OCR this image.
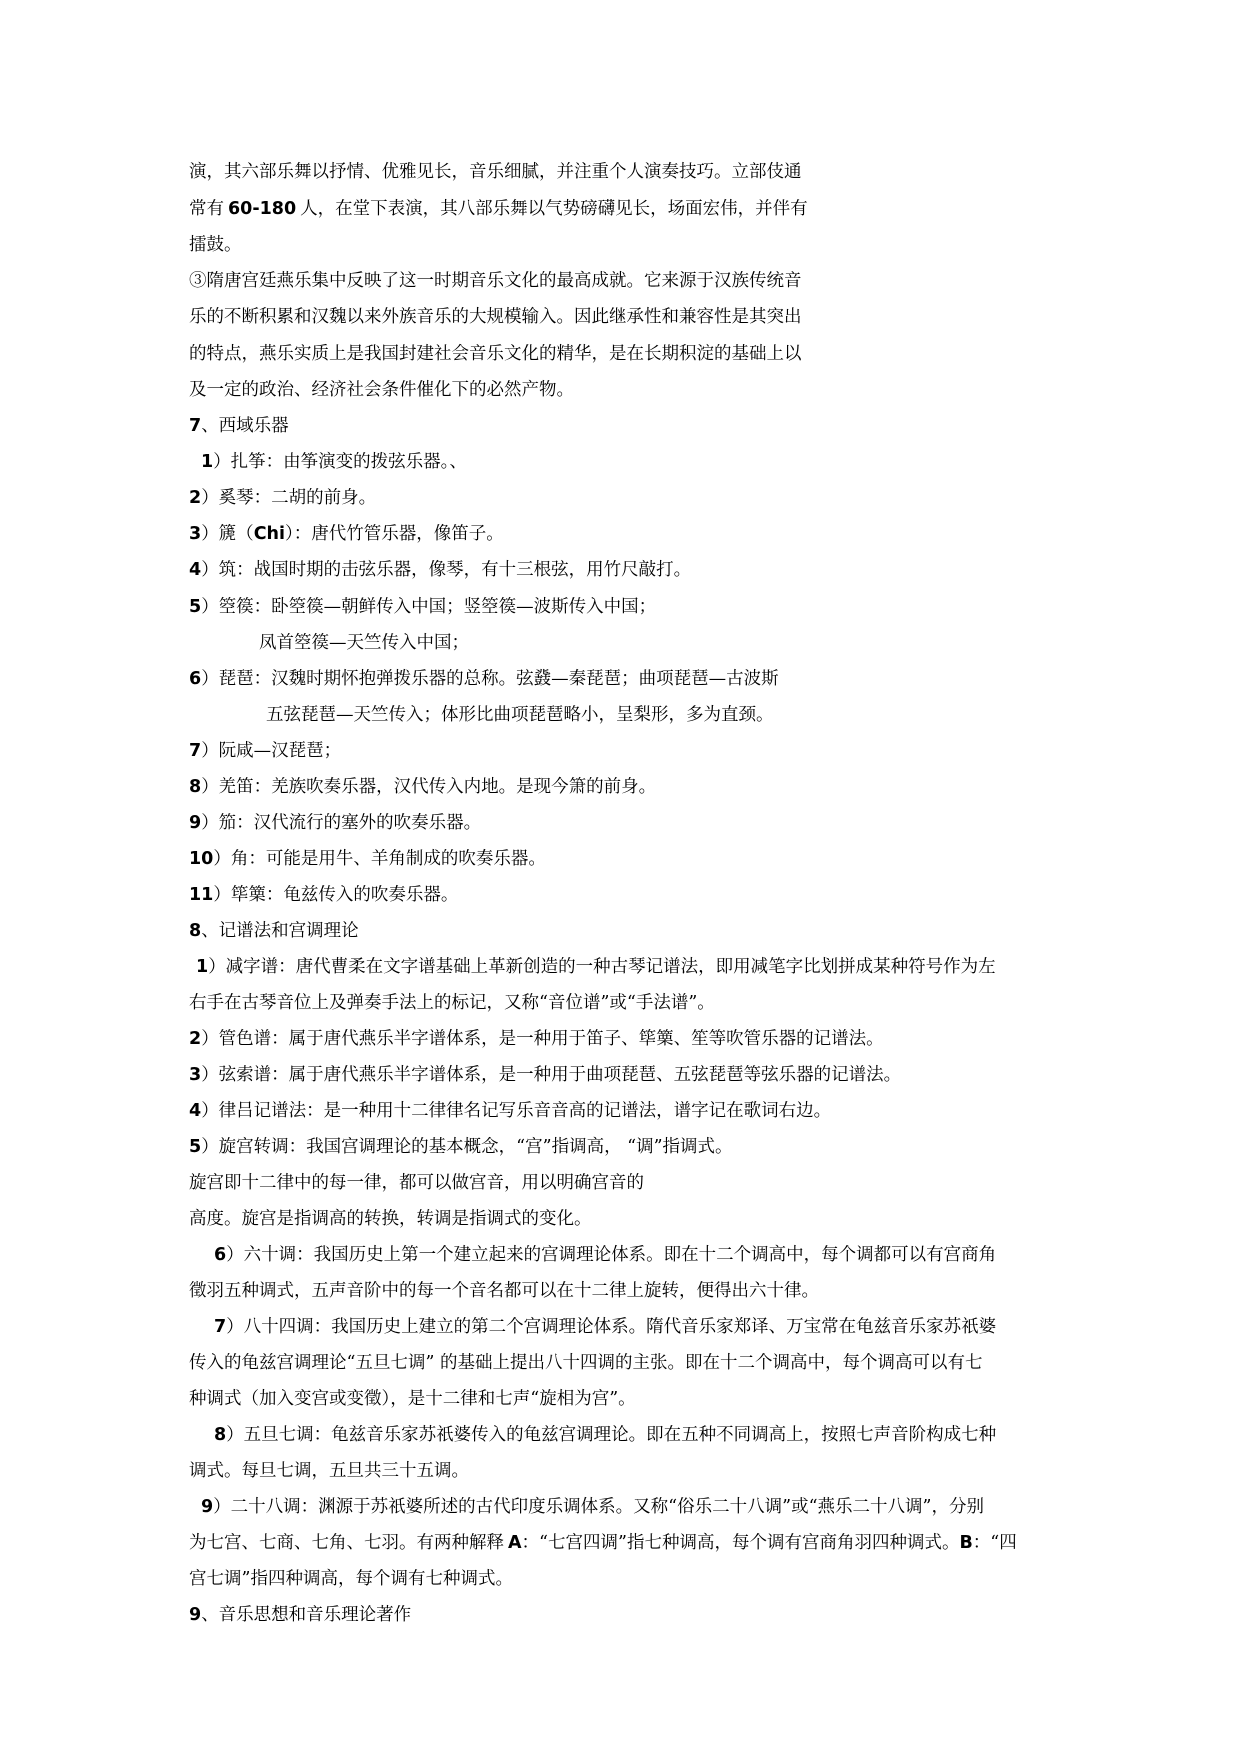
演，其六部乐舞以抒情、优雅见长，音乐细腻，并注重个人演奏技巧。立部伎通
常有 60-180 人，在堂下表演，其八部乐舞以气势磅礴见长，场面宏伟，并伴有
擂鼓。
③隋唐宫廷燕乐集中反映了这一时期音乐文化的最高成就。它来源于汉族传统音
乐的不断积累和汉魏以来外族音乐的大规模输入。因此继承性和兼容性是其突出
的特点，燕乐实质上是我国封建社会音乐文化的精华，是在长期积淀的基础上以
及一定的政治、经济社会条件催化下的必然产物。
7、西域乐器
1）扎筝：由筝演变的拨弦乐器。、
2）奚琴：二胡的前身。
3）篪（Chi）：唐代竹管乐器，像笛子。
4）筑：战国时期的击弦乐器，像琴，有十三根弦，用竹尺敲打。
5）箜篌：卧箜篌—朝鲜传入中国；竖箜篌—波斯传入中国；
凤首箜篌—天竺传入中国；
6）琵琶：汉魏时期怀抱弹拨乐器的总称。弦鼗—秦琵琶；曲项琵琶—古波斯
五弦琵琶—天竺传入；体形比曲项琵琶略小，呈梨形，多为直颈。
7）阮咸—汉琵琶；
8）羌笛：羌族吹奏乐器，汉代传入内地。是现今箫的前身。
9）笳：汉代流行的塞外的吹奏乐器。
10）角：可能是用牛、羊角制成的吹奏乐器。
11）筚篥：龟兹传入的吹奏乐器。
8、记谱法和宫调理论
1）减字谱：唐代曹柔在文字谱基础上革新创造的一种古琴记谱法，即用减笔字比划拼成某种符号作为左
右手在古琴音位上及弹奏手法上的标记，又称“音位谱”或“手法谱”。
2）管色谱：属于唐代燕乐半字谱体系，是一种用于笛子、筚篥、笙等吹管乐器的记谱法。
3）弦索谱：属于唐代燕乐半字谱体系，是一种用于曲项琵琶、五弦琵琶等弦乐器的记谱法。
4）律吕记谱法：是一种用十二律律名记写乐音音高的记谱法，谱字记在歌词右边。
5）旋宫转调：我国宫调理论的基本概念，“宫”指调高， “调”指调式。
旋宫即十二律中的每一律，都可以做宫音，用以明确宫音的
高度。旋宫是指调高的转换，转调是指调式的变化。
6）六十调：我国历史上第一个建立起来的宫调理论体系。即在十二个调高中，每个调都可以有宫商角
徵羽五种调式，五声音阶中的每一个音名都可以在十二律上旋转，便得出六十律。
7）八十四调：我国历史上建立的第二个宫调理论体系。隋代音乐家郑译、万宝常在龟兹音乐家苏祇婆
传入的龟兹宫调理论“五旦七调” 的基础上提出八十四调的主张。即在十二个调高中，每个调高可以有七
种调式（加入变宫或变徵），是十二律和七声“旋相为宫”。
8）五旦七调：龟兹音乐家苏祇婆传入的龟兹宫调理论。即在五种不同调高上，按照七声音阶构成七种
调式。每旦七调，五旦共三十五调。
9）二十八调：渊源于苏祇婆所述的古代印度乐调体系。又称“俗乐二十八调”或“燕乐二十八调”，分别
为七宫、七商、七角、七羽。有两种解释 A：“七宫四调”指七种调高，每个调有宫商角羽四种调式。B：“四
宫七调”指四种调高，每个调有七种调式。
9、音乐思想和音乐理论著作
